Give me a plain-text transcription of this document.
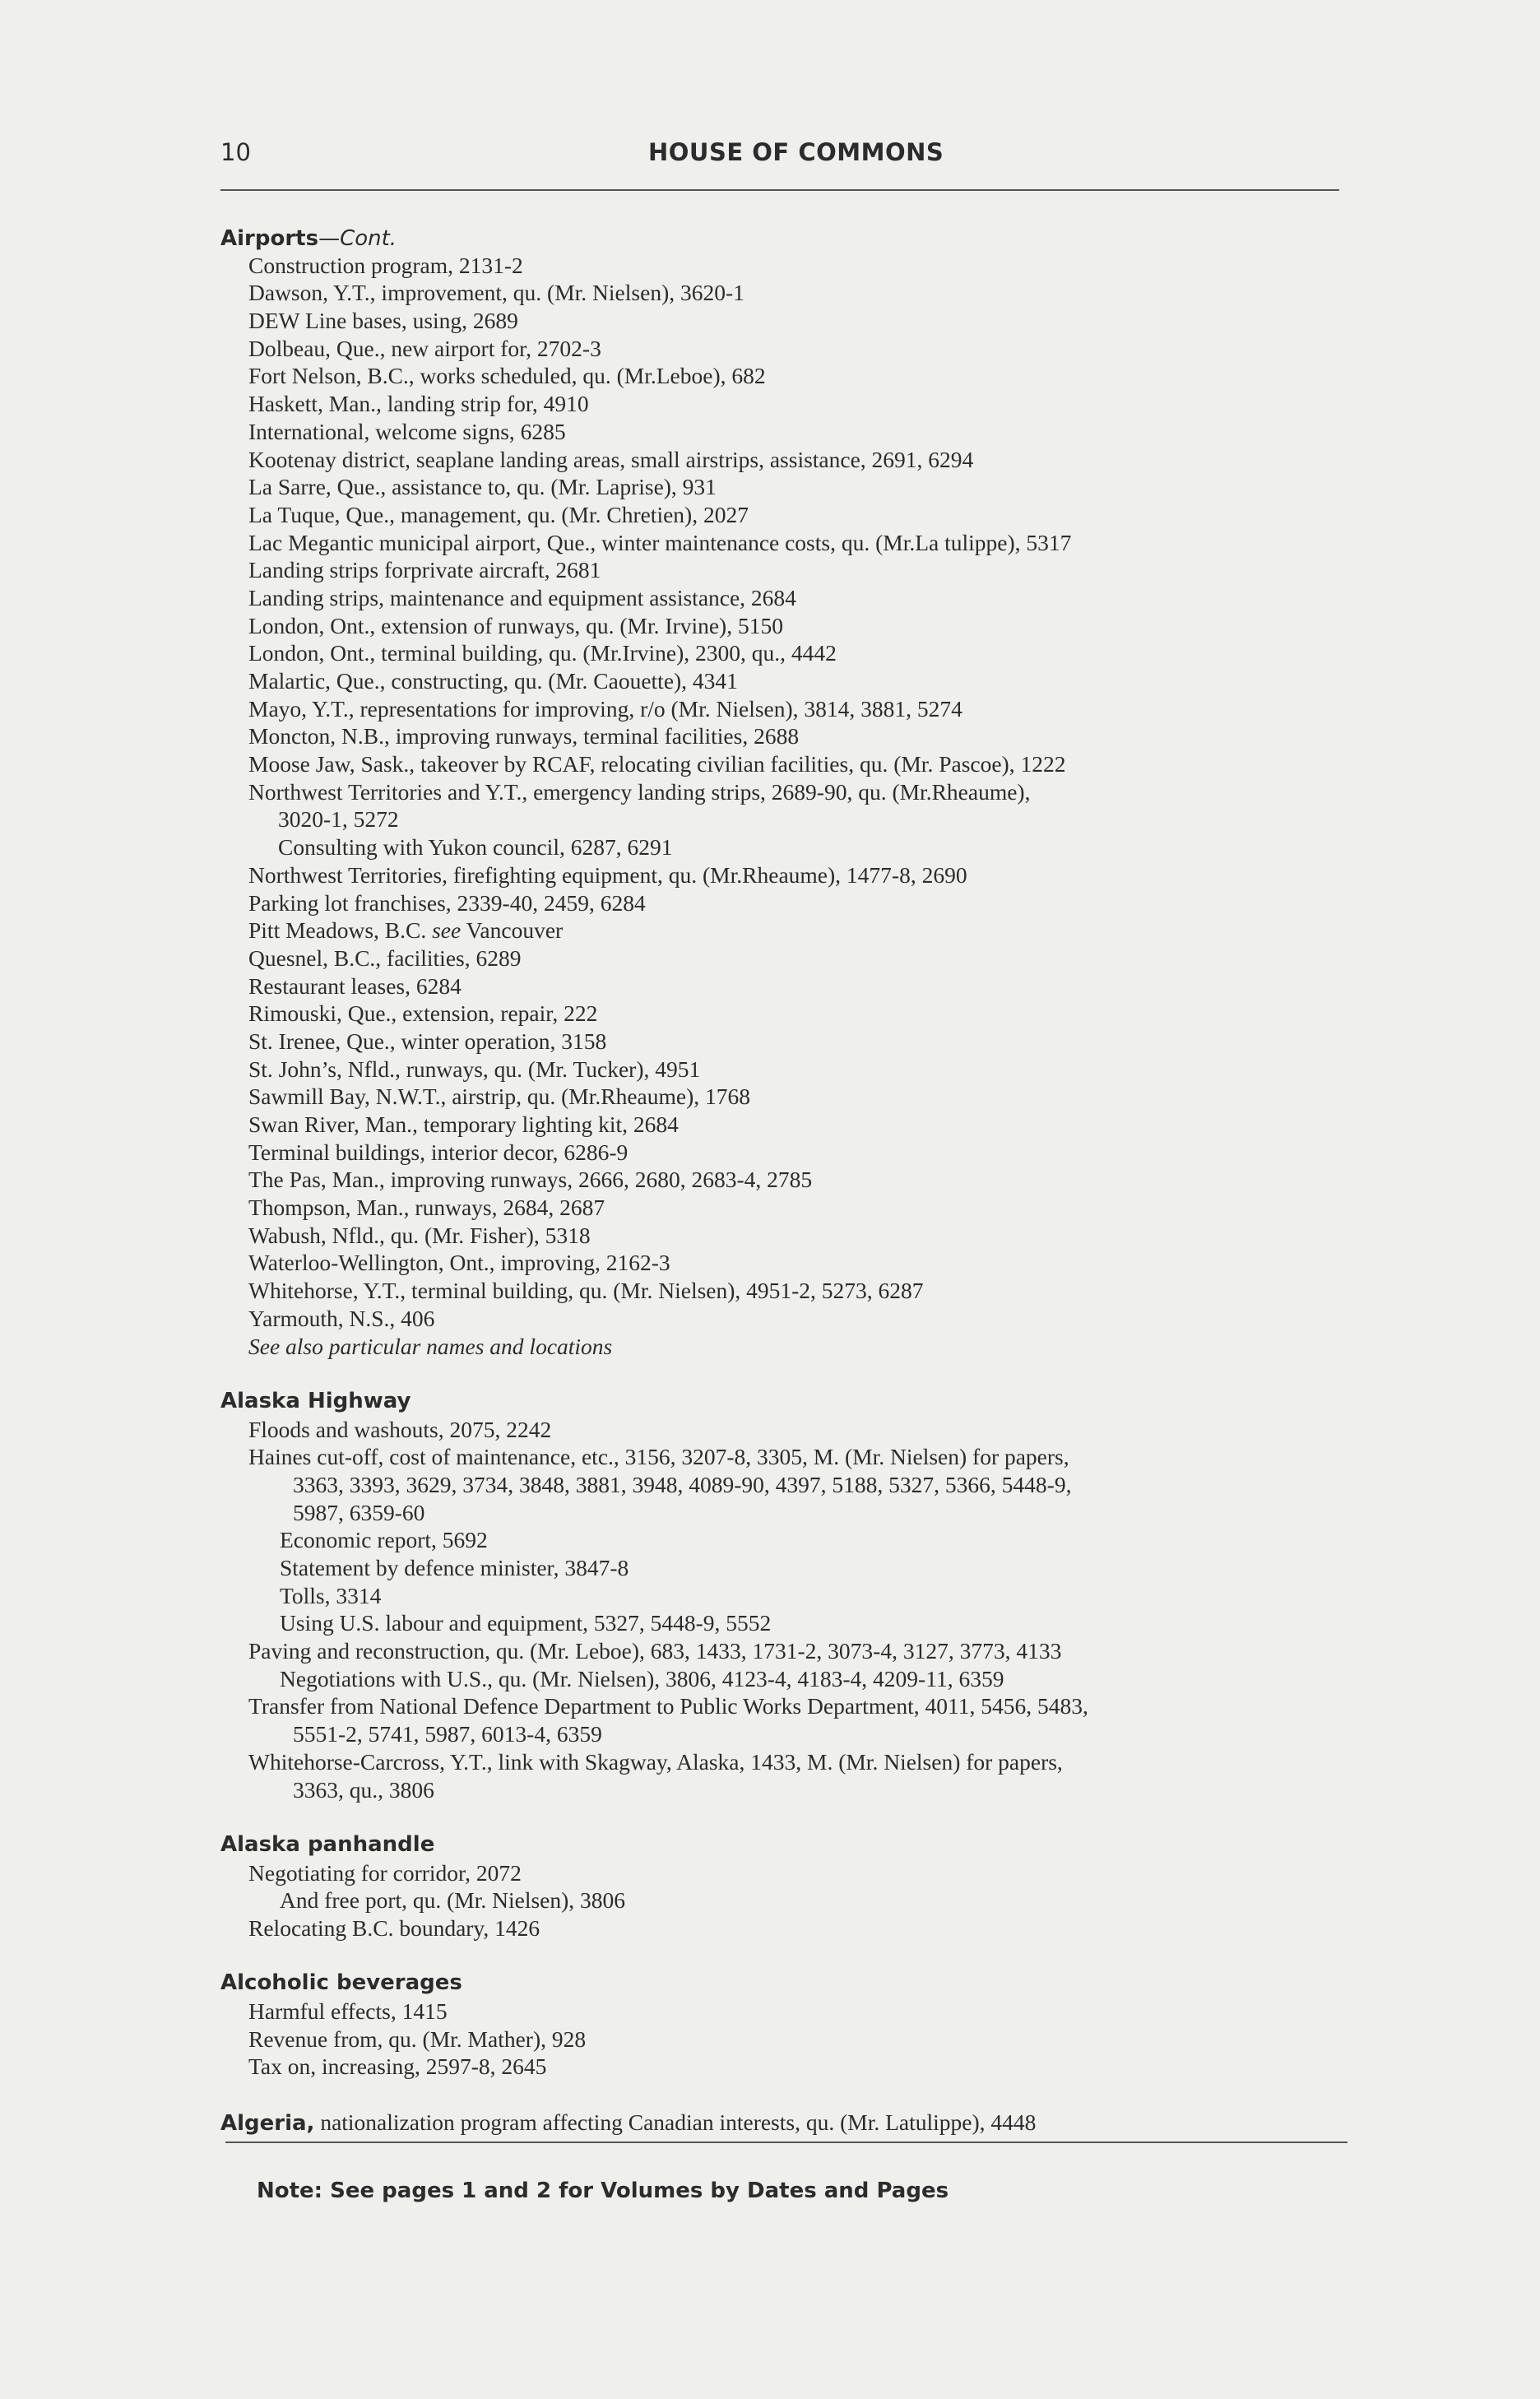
10	HOUSE OF COMMONS
Airports—Cont.
Construction program, 2131-2
Dawson, Y.T., improvement, qu. (Mr. Nielsen), 3620-1
DEW Line bases, using, 2689
Dolbeau, Que., new airport for, 2702-3
Fort Nelson, B.C., works scheduled, qu. (Mr.Leboe), 682
Haskett, Man., landing strip for, 4910
International, welcome signs, 6285
Kootenay district, seaplane landing areas, small airstrips, assistance, 2691, 6294
La Sarre, Que., assistance to, qu. (Mr. Laprise), 931
La Tuque, Que., management, qu. (Mr. Chretien), 2027
Lac Megantic municipal airport, Que., winter maintenance costs, qu. (Mr.La tulippe), 5317
Landing strips forprivate aircraft, 2681
Landing strips, maintenance and equipment assistance, 2684
London, Ont., extension of runways, qu. (Mr. Irvine), 5150
London, Ont., terminal building, qu. (Mr.Irvine), 2300, qu., 4442
Malartic, Que., constructing, qu. (Mr. Caouette), 4341
Mayo, Y.T., representations for improving, r/o (Mr. Nielsen), 3814, 3881, 5274
Moncton, N.B., improving runways, terminal facilities, 2688
Moose Jaw, Sask., takeover by RCAF, relocating civilian facilities, qu. (Mr. Pascoe), 1222
Northwest Territories and Y.T., emergency landing strips, 2689-90, qu. (Mr.Rheaume),
3020-1, 5272
Consulting with Yukon council, 6287, 6291
Northwest Territories, firefighting equipment, qu. (Mr.Rheaume), 1477-8, 2690
Parking lot franchises, 2339-40, 2459, 6284
Pitt Meadows, B.C. see Vancouver
Quesnel, B.C., facilities, 6289
Restaurant leases, 6284
Rimouski, Que., extension, repair, 222
St. Irenee, Que., winter operation, 3158
St. John’s, Nfld., runways, qu. (Mr. Tucker), 4951
Sawmill Bay, N.W.T., airstrip, qu. (Mr.Rheaume), 1768
Swan River, Man., temporary lighting kit, 2684
Terminal buildings, interior decor, 6286-9
The Pas, Man., improving runways, 2666, 2680, 2683-4, 2785
Thompson, Man., runways, 2684, 2687
Wabush, Nfld., qu. (Mr. Fisher), 5318
Waterloo-Wellington, Ont., improving, 2162-3
Whitehorse, Y.T., terminal building, qu. (Mr. Nielsen), 4951-2, 5273, 6287
Yarmouth, N.S., 406
See also particular names and locations
Alaska Highway
Floods and washouts, 2075, 2242
Haines cut-off, cost of maintenance, etc., 3156, 3207-8, 3305, M. (Mr. Nielsen) for papers,
3363, 3393, 3629, 3734, 3848, 3881, 3948, 4089-90, 4397, 5188, 5327, 5366, 5448-9,
5987, 6359-60
Economic report, 5692
Statement by defence minister, 3847-8
Tolls, 3314
Using U.S. labour and equipment, 5327, 5448-9, 5552
Paving and reconstruction, qu. (Mr. Leboe), 683, 1433, 1731-2, 3073-4, 3127, 3773, 4133
Negotiations with U.S., qu. (Mr. Nielsen), 3806, 4123-4, 4183-4, 4209-11, 6359
Transfer from National Defence Department to Public Works Department, 4011, 5456, 5483,
5551-2, 5741, 5987, 6013-4, 6359
Whitehorse-Carcross, Y.T., link with Skagway, Alaska, 1433, M. (Mr. Nielsen) for papers,
3363, qu., 3806
Alaska panhandle
Negotiating for corridor, 2072
And free port, qu. (Mr. Nielsen), 3806
Relocating B.C. boundary, 1426
Alcoholic beverages
Harmful effects, 1415
Revenue from, qu. (Mr. Mather), 928
Tax on, increasing, 2597-8, 2645
Algeria, nationalization program affecting Canadian interests, qu. (Mr. Latulippe), 4448
Note: See pages 1 and 2 for Volumes by Dates and Pages
